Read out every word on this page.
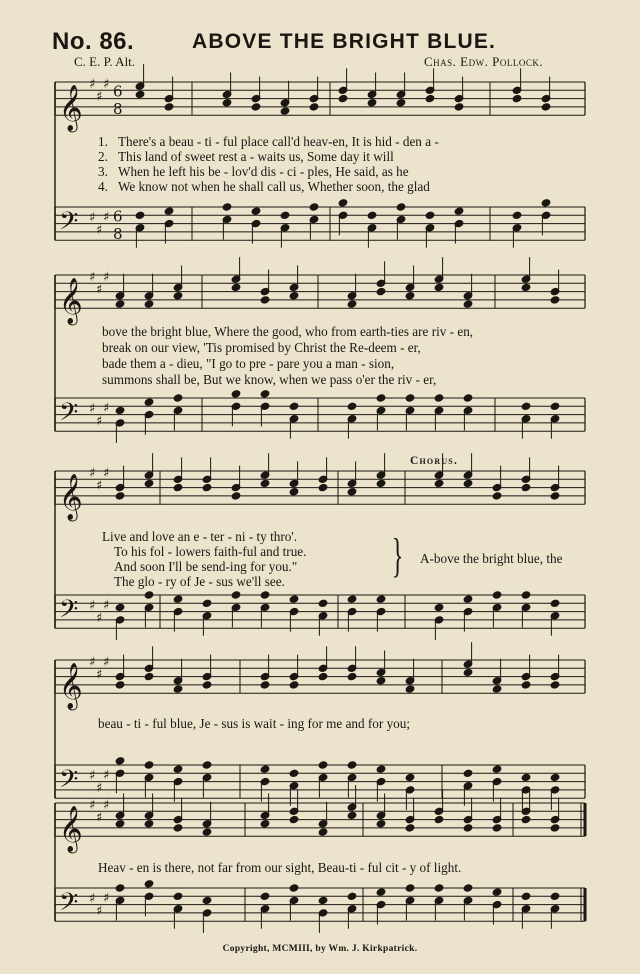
No. 86.	ABOVE THE BRIGHT BLUE.
C. E. P. Alt.	Chas. Edw. Pollock.
𝄞
♯
♯
♯ 6
8
𝄢 ♯
♯
♯ 6
8
𝄞
♯
♯
♯
𝄢 ♯
♯
♯
𝄞
♯
♯
♯
𝄢 ♯
♯
♯
𝄞
♯
♯
♯
𝄢 ♯
♯
♯
𝄞
♯
♯
♯
𝄢 ♯
♯
♯
1. There's a beau - ti - ful place call'd heav-en, It is hid - den a -
2. This land of sweet rest a - waits us, Some day it will
3. When he left his be - lov'd dis - ci - ples, He said, as he
4. We know not when he shall call us, Whether soon, the glad
bove the bright blue, Where the good, who from earth-ties are riv - en,
break on our view, 'Tis promised by Christ the Re-deem - er,
bade them a - dieu, "I go to pre - pare you a man - sion,
summons shall be, But we know, when we pass o'er the riv - er,
Chorus.
Live and love an e - ter - ni - ty thro'.
To his fol - lowers faith-ful and true.
And soon I'll be send-ing for you."
The glo - ry of Je - sus we'll see. } A-bove the bright blue, the
beau - ti - ful blue, Je - sus is wait - ing for me and for you;
Heav - en is there, not far from our sight, Beau-ti - ful cit - y of light.
Copyright, MCMIII, by Wm. J. Kirkpatrick.
